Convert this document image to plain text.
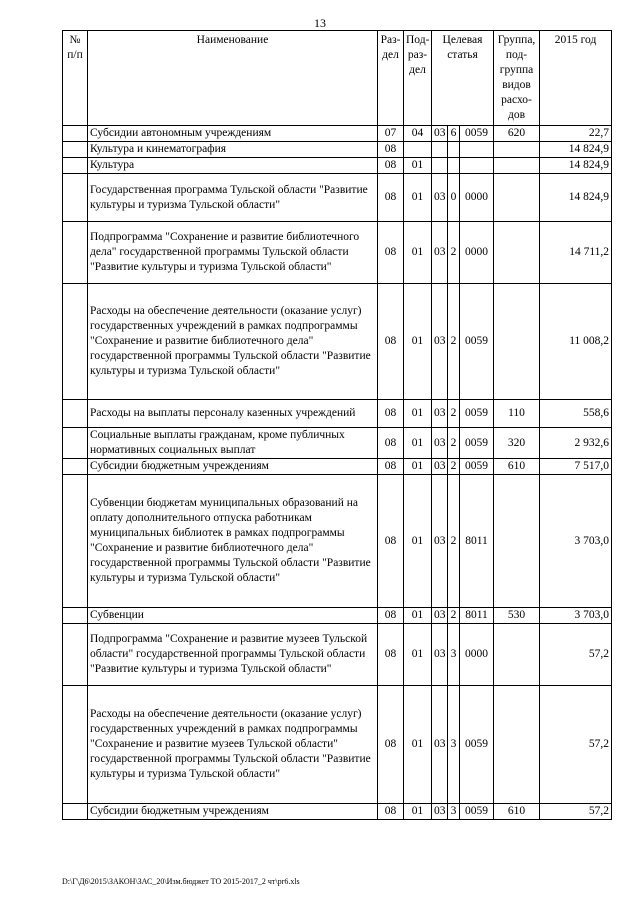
13
№ п/п	Наименование	Раз-дел	Под-раз-дел	Целевая статья			Группа, под-группа видов расхо-дов	2015 год
	Субсидии автономным учреждениям	07	04	03	6	0059	620	22,7
	Культура и кинематография	08						14 824,9
	Культура	08	01					14 824,9
	Государственная программа Тульской области "Развитие культуры и туризма Тульской области"	08	01	03	0	0000		14 824,9
	Подпрограмма "Сохранение и развитие библиотечного дела" государственной программы Тульской области "Развитие культуры и туризма Тульской области"	08	01	03	2	0000		14 711,2
	Расходы на обеспечение деятельности (оказание услуг) государственных учреждений в рамках подпрограммы "Сохранение и развитие библиотечного дела" государственной программы Тульской области "Развитие культуры и туризма Тульской области"	08	01	03	2	0059		11 008,2
	Расходы на выплаты персоналу казенных учреждений	08	01	03	2	0059	110	558,6
	Социальные выплаты гражданам, кроме публичных нормативных социальных выплат	08	01	03	2	0059	320	2 932,6
	Субсидии бюджетным учреждениям	08	01	03	2	0059	610	7 517,0
	Субвенции бюджетам муниципальных образований на оплату дополнительного отпуска работникам муниципальных библиотек в рамках подпрограммы "Сохранение и развитие библиотечного дела" государственной программы Тульской области "Развитие культуры и туризма Тульской области"	08	01	03	2	8011		3 703,0
	Субвенции	08	01	03	2	8011	530	3 703,0
	Подпрограмма "Сохранение и развитие музеев Тульской области" государственной программы Тульской области "Развитие культуры и туризма Тульской области"	08	01	03	3	0000		57,2
	Расходы на обеспечение деятельности (оказание услуг) государственных учреждений в рамках подпрограммы "Сохранение и развитие музеев Тульской области" государственной программы Тульской области "Развитие культуры и туризма Тульской области"	08	01	03	3	0059		57,2
	Субсидии бюджетным учреждениям	08	01	03	3	0059	610	57,2
D:\Г\Д6\2015\ЗАКОН\ЗАС_20\Изм.бюджет ТО 2015-2017_2 чт\pr6.xls
